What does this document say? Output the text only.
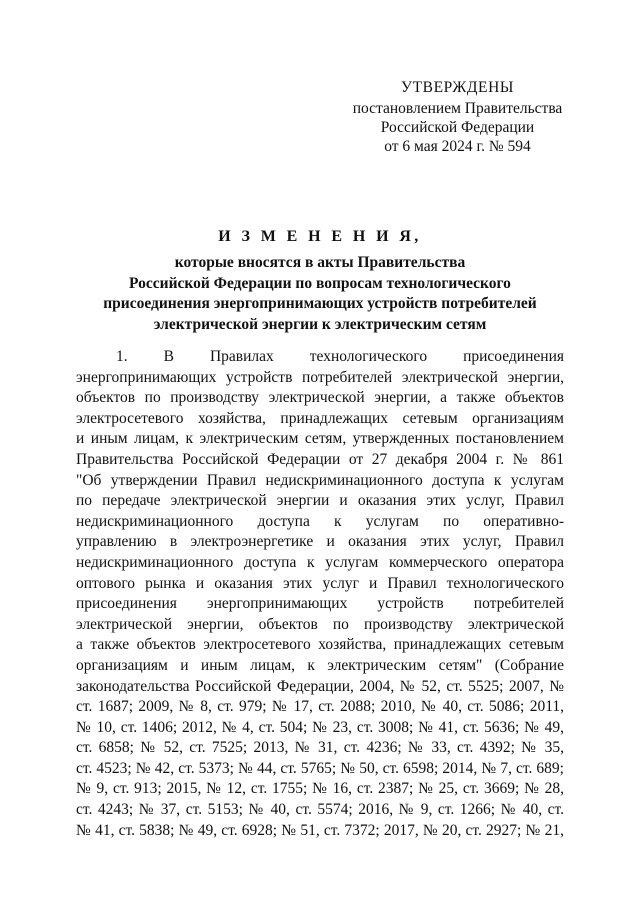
УТВЕРЖДЕНЫ
постановлением Правительства
Российской Федерации
от 6 мая 2024 г. № 594
И З М Е Н Е Н И Я,
которые вносятся в акты Правительства
Российской Федерации по вопросам технологического
присоединения энергопринимающих устройств потребителей
электрической энергии к электрическим сетям
1. В Правилах технологического присоединения
энергопринимающих устройств потребителей электрической энергии,
объектов по производству электрической энергии, а также объектов
электросетевого хозяйства, принадлежащих сетевым организациям
и иным лицам, к электрическим сетям, утвержденных постановлением
Правительства Российской Федерации от 27 декабря 2004 г. № 861
"Об утверждении Правил недискриминационного доступа к услугам
по передаче электрической энергии и оказания этих услуг, Правил
недискриминационного доступа к услугам по оперативно-
управлению в электроэнергетике и оказания этих услуг, Правил
недискриминационного доступа к услугам коммерческого оператора
оптового рынка и оказания этих услуг и Правил технологического
присоединения энергопринимающих устройств потребителей
электрической энергии, объектов по производству электрической
а также объектов электросетевого хозяйства, принадлежащих сетевым
организациям и иным лицам, к электрическим сетям" (Собрание
законодательства Российской Федерации, 2004, № 52, ст. 5525; 2007, №
ст. 1687; 2009, № 8, ст. 979; № 17, ст. 2088; 2010, № 40, ст. 5086; 2011,
№ 10, ст. 1406; 2012, № 4, ст. 504; № 23, ст. 3008; № 41, ст. 5636; № 49,
ст. 6858; № 52, ст. 7525; 2013, № 31, ст. 4236; № 33, ст. 4392; № 35,
ст. 4523; № 42, ст. 5373; № 44, ст. 5765; № 50, ст. 6598; 2014, № 7, ст. 689;
№ 9, ст. 913; 2015, № 12, ст. 1755; № 16, ст. 2387; № 25, ст. 3669; № 28,
ст. 4243; № 37, ст. 5153; № 40, ст. 5574; 2016, № 9, ст. 1266; № 40, ст.
№ 41, ст. 5838; № 49, ст. 6928; № 51, ст. 7372; 2017, № 20, ст. 2927; № 21,
